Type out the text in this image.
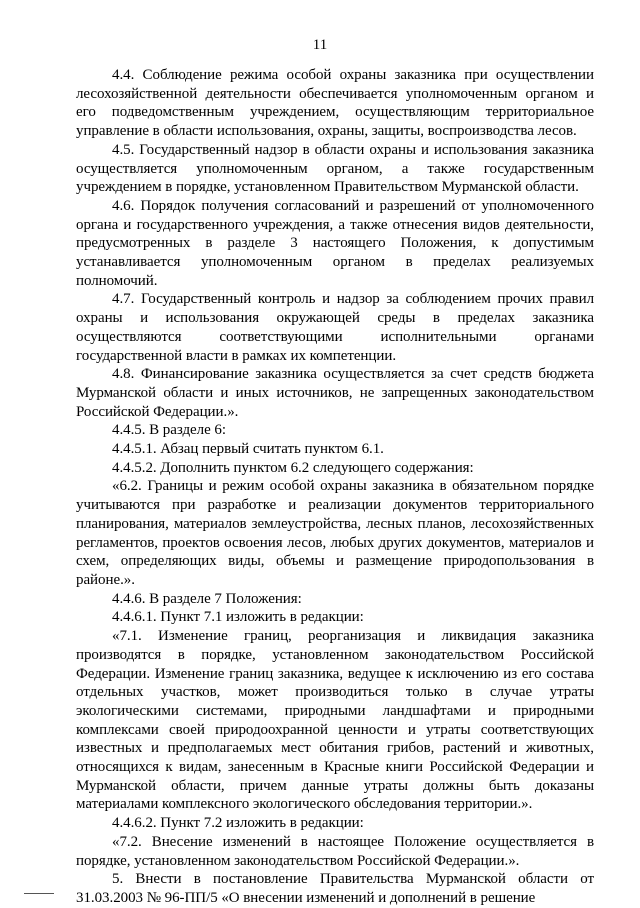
11

4.4. Соблюдение режима особой охраны заказника при осуществлении лесохозяйственной деятельности обеспечивается уполномоченным органом и его подведомственным учреждением, осуществляющим территориальное управление в области использования, охраны, защиты, воспроизводства лесов.

4.5. Государственный надзор в области охраны и использования заказника осуществляется уполномоченным органом, а также государственным учреждением в порядке, установленном Правительством Мурманской области.

4.6. Порядок получения согласований и разрешений от уполномоченного органа и государственного учреждения, а также отнесения видов деятельности, предусмотренных в разделе 3 настоящего Положения, к допустимым устанавливается уполномоченным органом в пределах реализуемых полномочий.

4.7. Государственный контроль и надзор за соблюдением прочих правил охраны и использования окружающей среды в пределах заказника осуществляются соответствующими исполнительными органами государственной власти в рамках их компетенции.

4.8. Финансирование заказника осуществляется за счет средств бюджета Мурманской области и иных источников, не запрещенных законодательством Российской Федерации.».

4.4.5. В разделе 6:

4.4.5.1. Абзац первый считать пунктом 6.1.

4.4.5.2. Дополнить пунктом 6.2 следующего содержания:

«6.2. Границы и режим особой охраны заказника в обязательном порядке учитываются при разработке и реализации документов территориального планирования, материалов землеустройства, лесных планов, лесохозяйственных регламентов, проектов освоения лесов, любых других документов, материалов и схем, определяющих виды, объемы и размещение природопользования в районе.».

4.4.6. В разделе 7 Положения:

4.4.6.1. Пункт 7.1 изложить в редакции:

«7.1. Изменение границ, реорганизация и ликвидация заказника производятся в порядке, установленном законодательством Российской Федерации. Изменение границ заказника, ведущее к исключению из его состава отдельных участков, может производиться только в случае утраты экологическими системами, природными ландшафтами и природными комплексами своей природоохранной ценности и утраты соответствующих известных и предполагаемых мест обитания грибов, растений и животных, относящихся к видам, занесенным в Красные книги Российской Федерации и Мурманской области, причем данные утраты должны быть доказаны материалами комплексного экологического обследования территории.».

4.4.6.2. Пункт 7.2 изложить в редакции:

«7.2. Внесение изменений в настоящее Положение осуществляется в порядке, установленном законодательством Российской Федерации.».

5. Внести в постановление Правительства Мурманской области от 31.03.2003 № 96-ПП/5 «О внесении изменений и дополнений в решение
